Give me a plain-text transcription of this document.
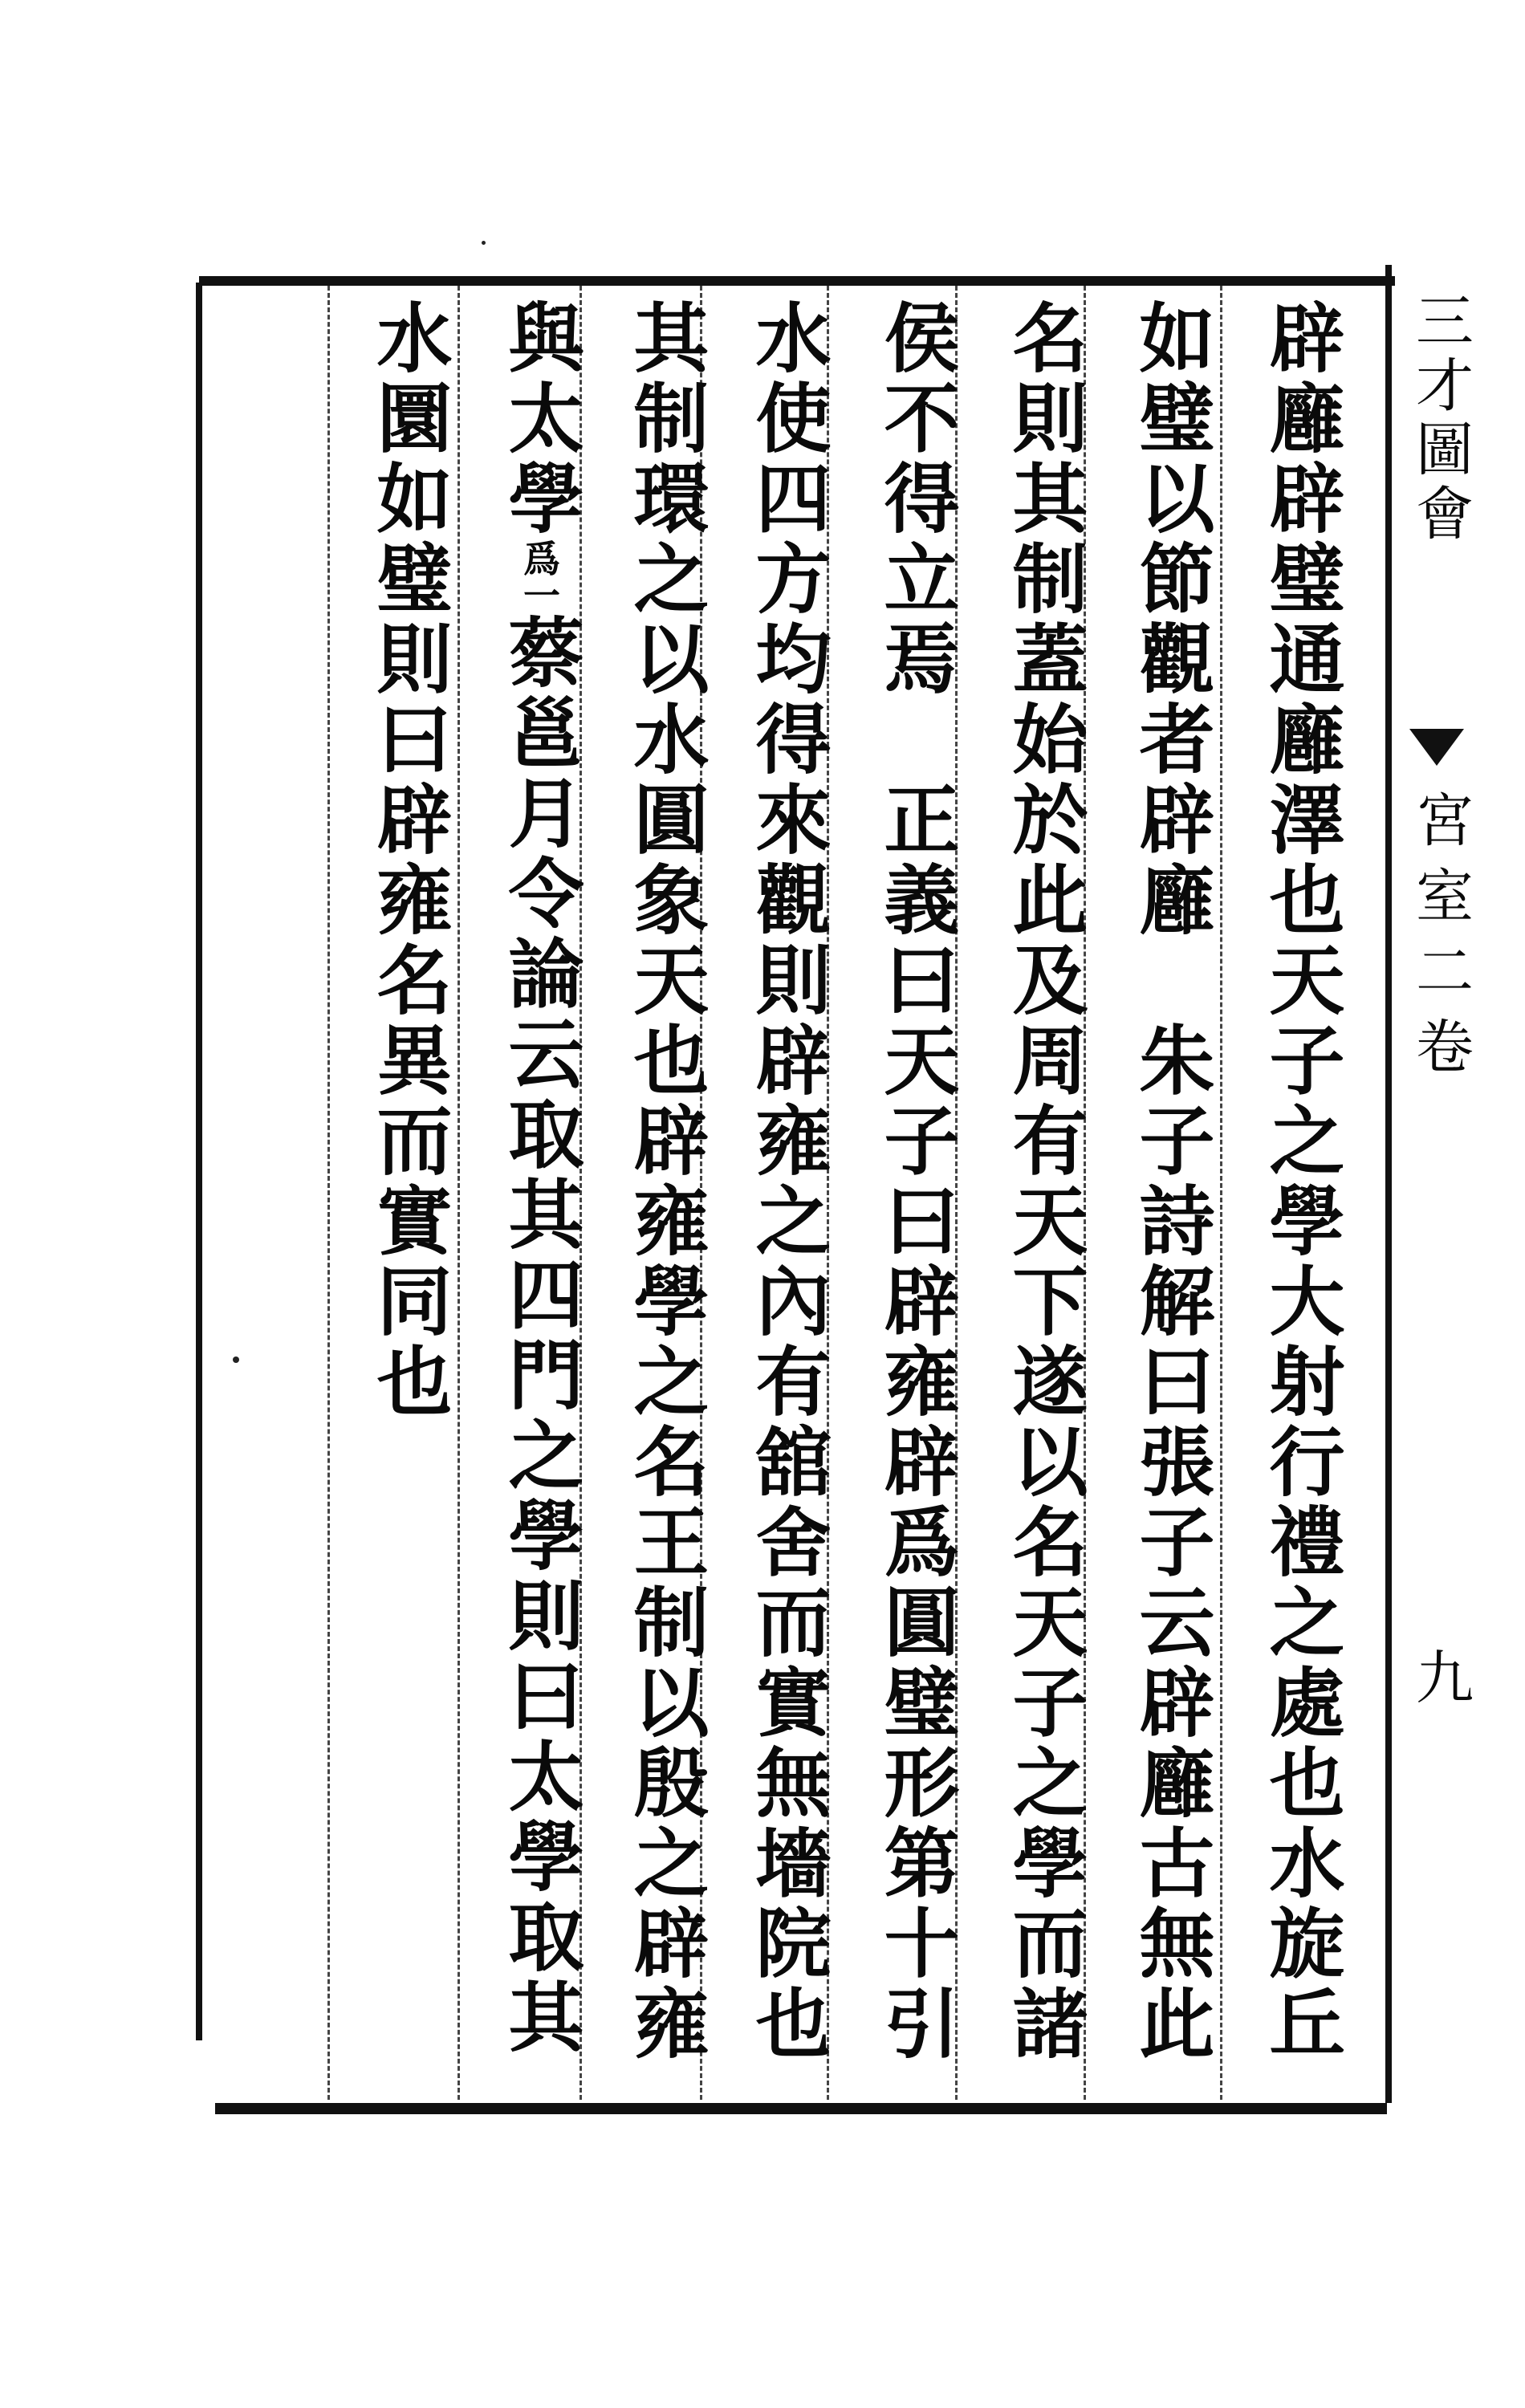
三才圖會
宮室二卷
九
辟廱辟璧通廱澤也天子之學大射行禮之處也水旋丘
如璧以節觀者辟廱　朱子詩解曰張子云辟廱古無此
名則其制蓋始於此及周有天下遂以名天子之學而諸
侯不得立焉　正義曰天子曰辟雍辟爲圓璧形第十引
水使四方均得來觀則辟雍之內有舘舍而實無墻院也
其制環之以水圓象天也辟雍學之名王制以殷之辟雍
與太學爲一蔡邕月令論云取其四門之學則曰太學取其
水圜如璧則曰辟雍名異而實同也
